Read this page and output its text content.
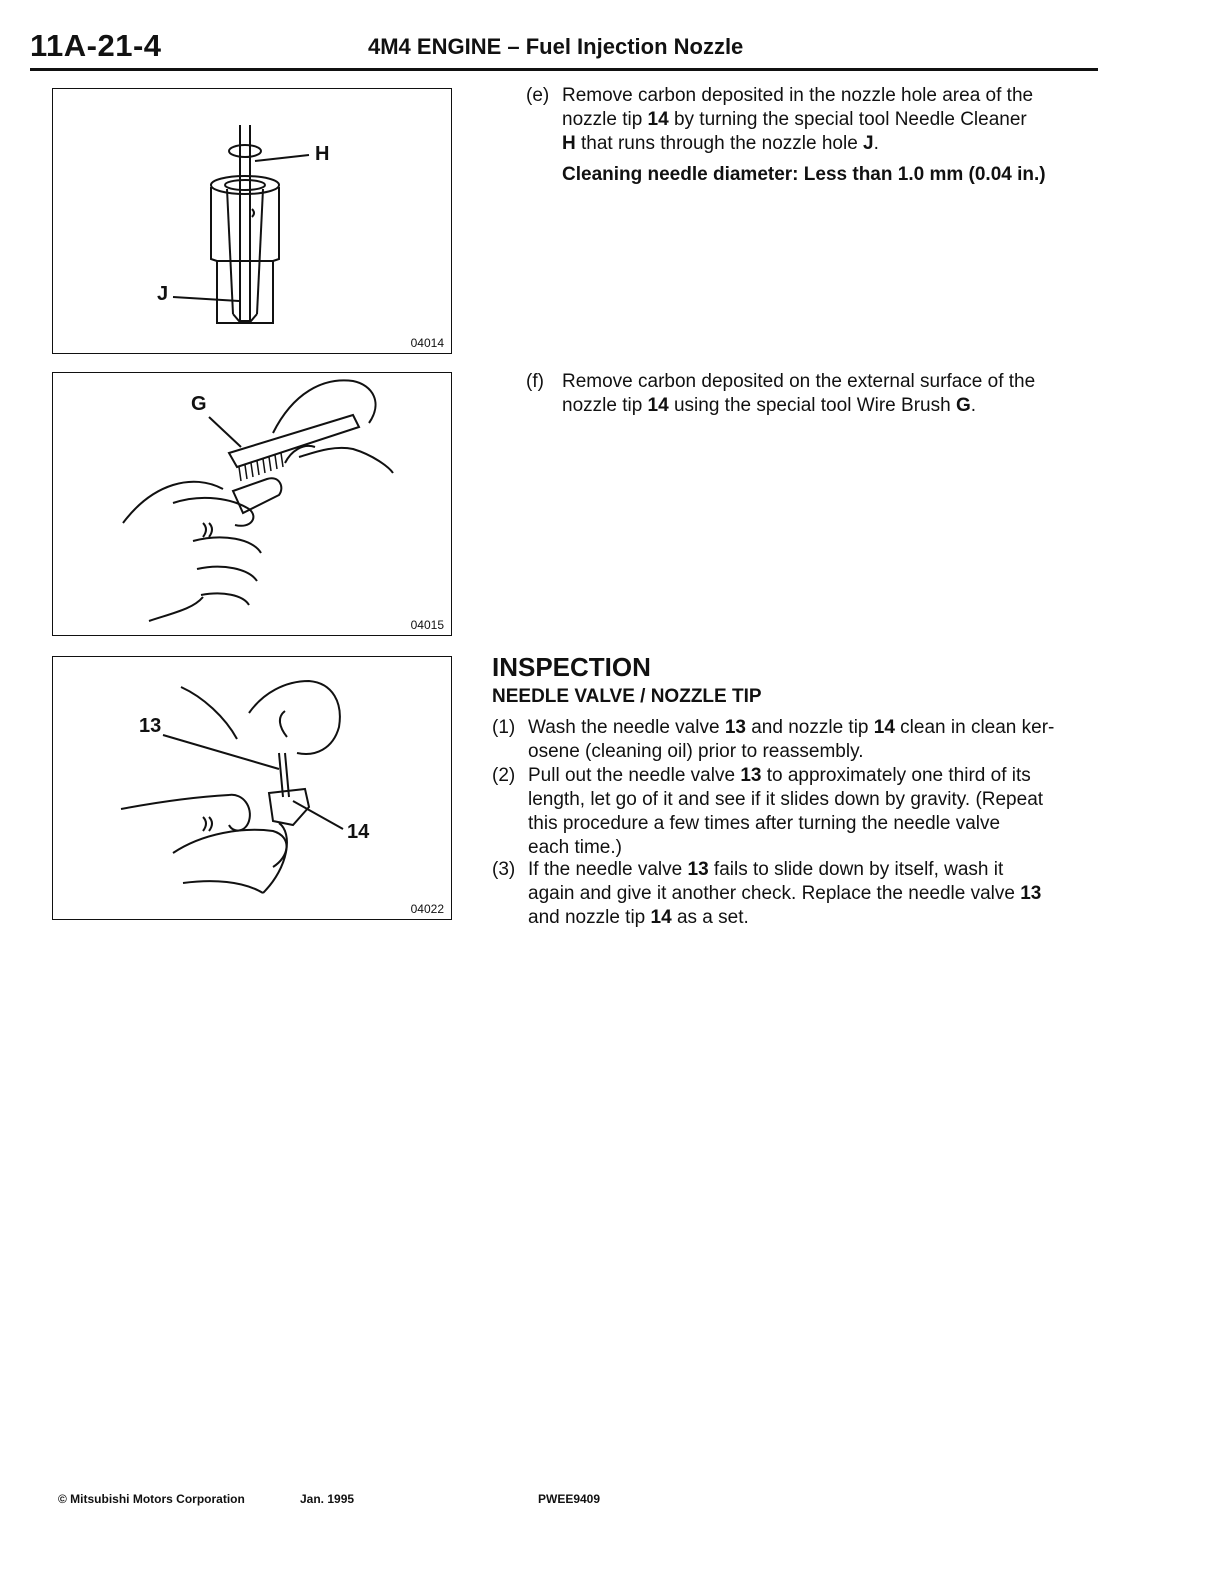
11A-21-4	4M4 ENGINE – Fuel Injection Nozzle
H
J
04014
G
04015
13
14
04022
(e) Remove carbon deposited in the nozzle hole area of the
nozzle tip 14 by turning the special tool Needle Cleaner
H that runs through the nozzle hole J.
Cleaning needle diameter: Less than 1.0 mm (0.04 in.)
(f) Remove carbon deposited on the external surface of the
nozzle tip 14 using the special tool Wire Brush G.
INSPECTION
NEEDLE VALVE / NOZZLE TIP
(1) Wash the needle valve 13 and nozzle tip 14 clean in clean ker-
osene (cleaning oil) prior to reassembly.
(2) Pull out the needle valve 13 to approximately one third of its
length, let go of it and see if it slides down by gravity. (Repeat
this procedure a few times after turning the needle valve
each time.)
(3) If the needle valve 13 fails to slide down by itself, wash it
again and give it another check. Replace the needle valve 13
and nozzle tip 14 as a set.
© Mitsubishi Motors Corporation	Jan. 1995	PWEE9409
